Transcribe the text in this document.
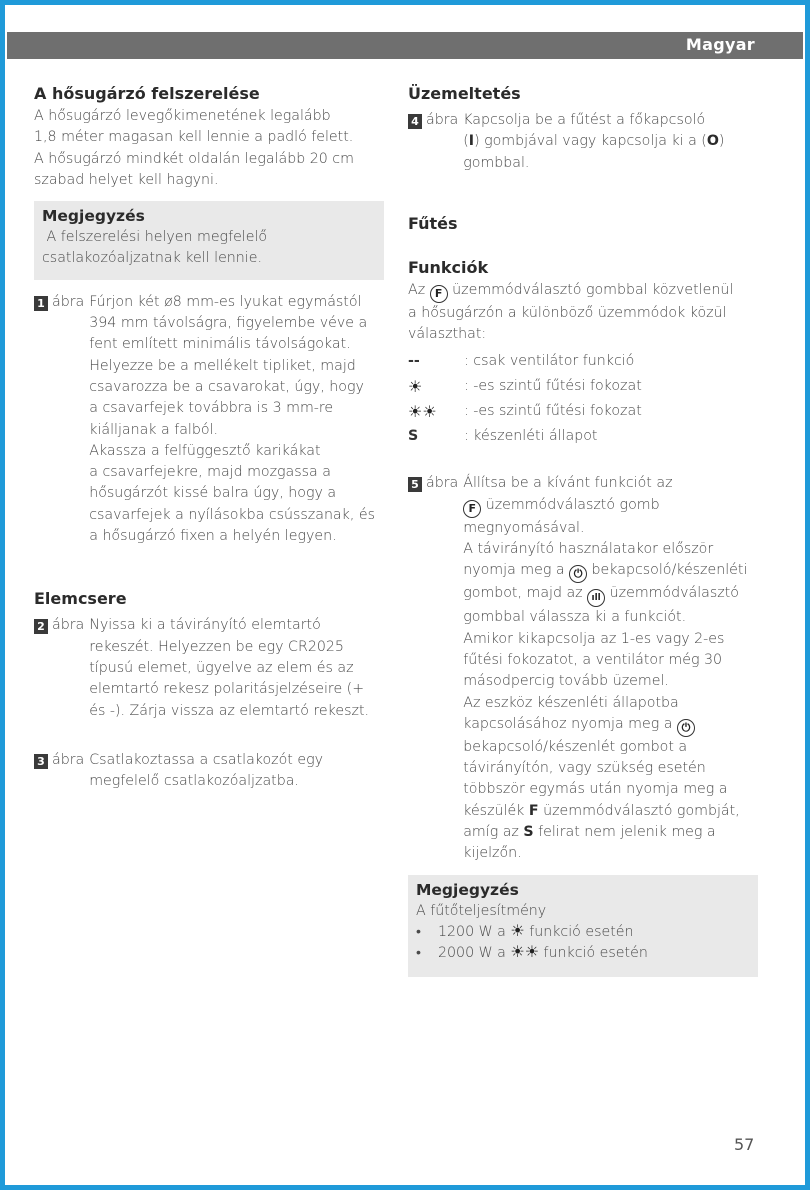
Magyar
A hősugárzó felszerelése

A hősugárzó levegőkimenetének legalább

1,8 méter magasan kell lennie a padló felett.

A hősugárzó mindkét oldalán legalább 20 cm

szabad helyet kell hagyni.

Megjegyzés

A felszerelési helyen megfelelő

csatlakozóaljzatnak kell lennie.

1 ábra Fúrjon két ø8 mm-es lyukat egymástól

394 mm távolságra, figyelembe véve a

fent említett minimális távolságokat.

Helyezze be a mellékelt tipliket, majd

csavarozza be a csavarokat, úgy, hogy

a csavarfejek továbbra is 3 mm-re

kiálljanak a falból.

Akassza a felfüggesztő karikákat

a csavarfejekre, majd mozgassa a

hősugárzót kissé balra úgy, hogy a

csavarfejek a nyílásokba csússzanak, és

a hősugárzó fixen a helyén legyen.

Elemcsere
2 ábra Nyissa ki a távirányító elemtartó

rekeszét. Helyezzen be egy CR2025

típusú elemet, ügyelve az elem és az

elemtartó rekesz polaritásjelzéseire (+

és -). Zárja vissza az elemtartó rekeszt.

3 ábra Csatlakoztassa a csatlakozót egy

megfelelő csatlakozóaljzatba.

Üzemeltetés
4 ábra Kapcsolja be a fűtést a főkapcsoló

(I) gombjával vagy kapcsolja ki a (O)

gombbal.

Fűtés
Funkciók

Az F üzemmódválasztó gombbal közvetlenül

a hősugárzón a különböző üzemmódok közül

választhat:

--	: csak ventilátor funkció
☀	: -es szintű fűtési fokozat
☀☀	: -es szintű fűtési fokozat
S	: készenléti állapot
5 ábra Állítsa be a kívánt funkciót az

F üzemmódválasztó gomb

megnyomásával.

A távirányító használatakor először

nyomja meg a ⏻ bekapcsoló/készenléti

gombot, majd az ıll üzemmódválasztó

gombbal válassza ki a funkciót.

Amikor kikapcsolja az 1-es vagy 2-es

fűtési fokozatot, a ventilátor még 30

másodpercig tovább üzemel.

Az eszköz készenléti állapotba

kapcsolásához nyomja meg a ⏻

bekapcsoló/készenlét gombot a

távirányítón, vagy szükség esetén

többször egymás után nyomja meg a

készülék F üzemmódválasztó gombját,

amíg az S felirat nem jelenik meg a

kijelzőn.

Megjegyzés

A fűtőteljesítmény

•	1200 W a ☀ funkció esetén
•	2000 W a ☀☀ funkció esetén
57
